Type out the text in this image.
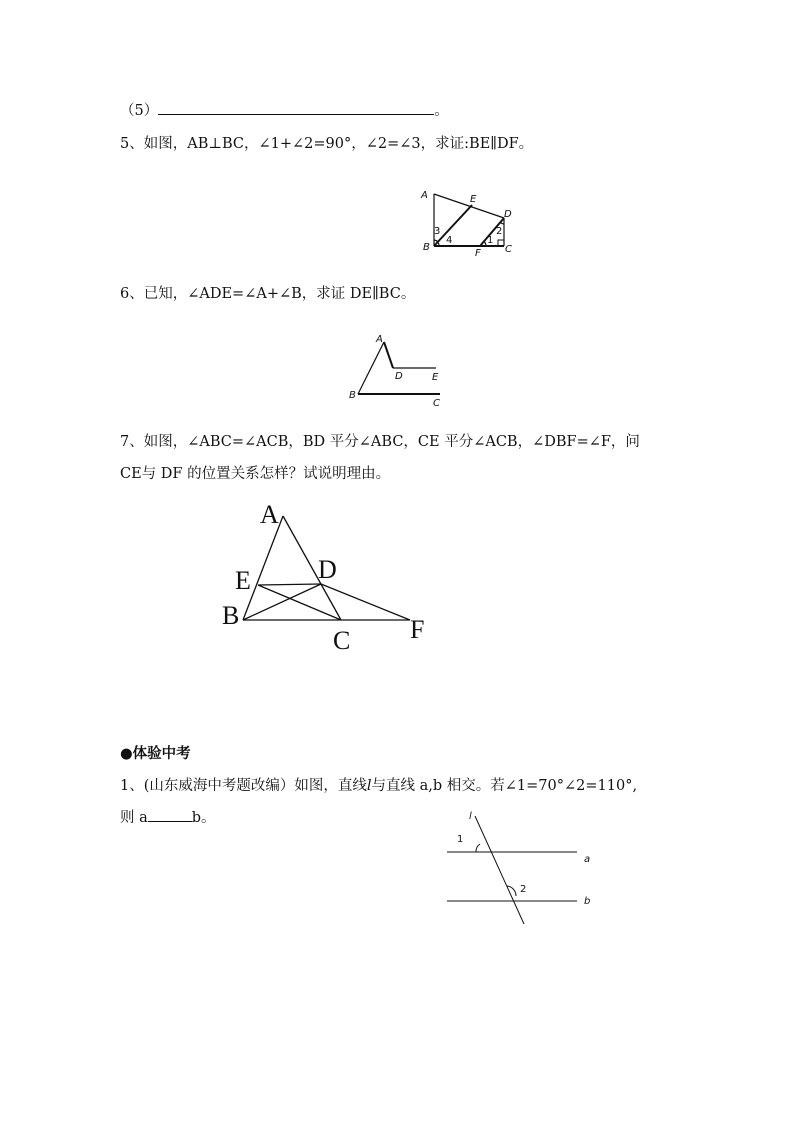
（5）	。
5、如图，AB⊥BC，∠1+∠2=90°，∠2=∠3，求证:BE∥DF。
A	E
D
B
F C
1
2
3
4
6、已知，∠ADE=∠A+∠B，求证 DE∥BC。
A
D	E
B
C
7、如图，∠ABC=∠ACB，BD 平分∠ABC，CE 平分∠ACB，∠DBF=∠F，问
CE与 DF 的位置关系怎样？试说明理由。
A
E	D
B
C F
●体验中考
1、(山东威海中考题改编）如图，直线l与直线 a,b 相交。若∠1=70°∠2=110°,
则 a	b。	l
1
2
a
b
